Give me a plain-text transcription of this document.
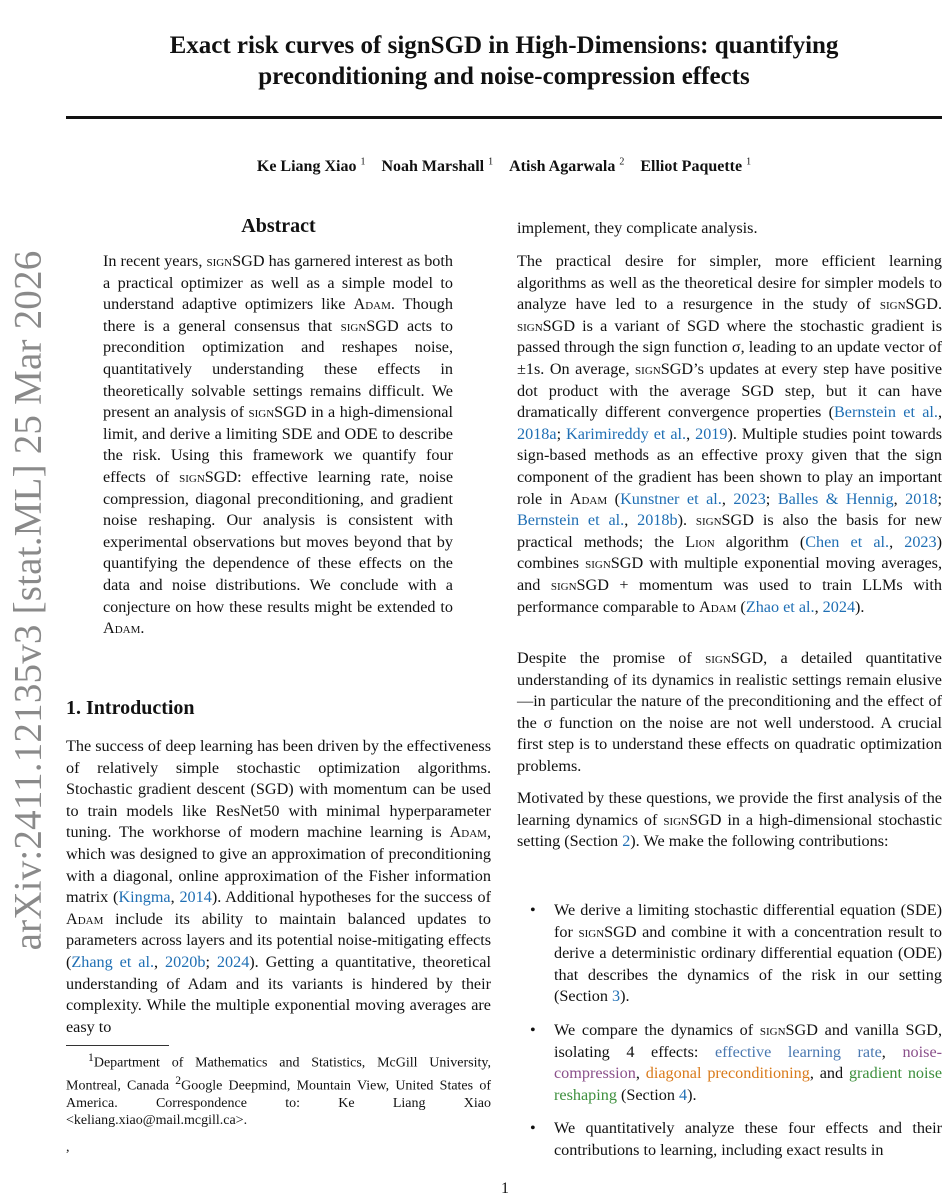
arXiv:2411.12135v3 [stat.ML] 25 Mar 2026
Exact risk curves of signSGD in High-Dimensions: quantifying
preconditioning and noise-compression effects
Ke Liang Xiao $^1$ Noah Marshall $^1$ Atish Agarwala $^2$ Elliot Paquette $^1$
Abstract
In recent years, signSGD has garnered interest as both a practical optimizer as well as a simple model to understand adaptive optimizers like Adam. Though there is a general consensus that signSGD acts to precondition optimization and reshapes noise, quantitatively understanding these effects in theoretically solvable settings remains difficult. We present an analysis of signSGD in a high-dimensional limit, and derive a limiting SDE and ODE to describe the risk. Using this framework we quantify four effects of signSGD: effective learning rate, noise compression, diagonal preconditioning, and gradient noise reshaping. Our analysis is consistent with experimental observations but moves beyond that by quantifying the dependence of these effects on the data and noise distributions. We conclude with a conjecture on how these results might be extended to Adam.
1. Introduction
The success of deep learning has been driven by the effectiveness of relatively simple stochastic optimization algorithms. Stochastic gradient descent (SGD) with momentum can be used to train models like ResNet50 with minimal hyperparameter tuning. The workhorse of modern machine learning is Adam, which was designed to give an approximation of preconditioning with a diagonal, online approximation of the Fisher information matrix (Kingma, 2014). Additional hypotheses for the success of Adam include its ability to maintain balanced updates to parameters across layers and its potential noise-mitigating effects (Zhang et al., 2020b; 2024). Getting a quantitative, theoretical understanding of Adam and its variants is hindered by their complexity. While the multiple exponential moving averages are easy to
$^1$Department of Mathematics and Statistics, McGill University, Montreal, Canada $^2$Google Deepmind, Mountain View, United States of America. Correspondence to: Ke Liang Xiao <keliang.xiao@mail.mcgill.ca>.
,
implement, they complicate analysis.
The practical desire for simpler, more efficient learning algorithms as well as the theoretical desire for simpler models to analyze have led to a resurgence in the study of signSGD. signSGD is a variant of SGD where the stochastic gradient is passed through the sign function σ, leading to an update vector of ±1s. On average, signSGD’s updates at every step have positive dot product with the average SGD step, but it can have dramatically different convergence properties (Bernstein et al., 2018a; Karimireddy et al., 2019). Multiple studies point towards sign-based methods as an effective proxy given that the sign component of the gradient has been shown to play an important role in Adam (Kunstner et al., 2023; Balles & Hennig, 2018; Bernstein et al., 2018b). signSGD is also the basis for new practical methods; the Lion algorithm (Chen et al., 2023) combines signSGD with multiple exponential moving averages, and signSGD + momentum was used to train LLMs with performance comparable to Adam (Zhao et al., 2024).
Despite the promise of signSGD, a detailed quantitative understanding of its dynamics in realistic settings remain elusive—in particular the nature of the preconditioning and the effect of the σ function on the noise are not well understood. A crucial first step is to understand these effects on quadratic optimization problems.
Motivated by these questions, we provide the first analysis of the learning dynamics of signSGD in a high-dimensional stochastic setting (Section 2). We make the following contributions:
•	We derive a limiting stochastic differential equation (SDE) for signSGD and combine it with a concentration result to derive a deterministic ordinary differential equation (ODE) that describes the dynamics of the risk in our setting (Section 3).
•	We compare the dynamics of signSGD and vanilla SGD, isolating 4 effects: effective learning rate, noise-compression, diagonal preconditioning, and gradient noise reshaping (Section 4).
•	We quantitatively analyze these four effects and their contributions to learning, including exact results in
1
